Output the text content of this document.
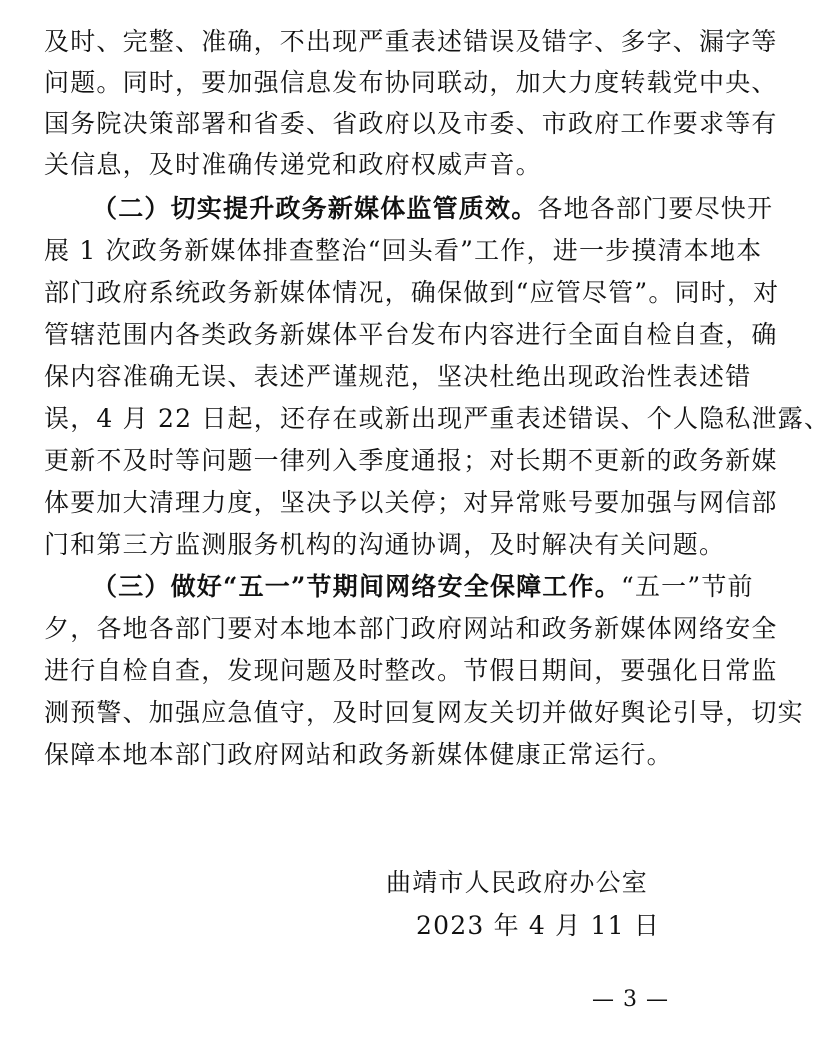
及时、完整、准确，不出现严重表述错误及错字、多字、漏字等
问题。同时，要加强信息发布协同联动，加大力度转载党中央、
国务院决策部署和省委、省政府以及市委、市政府工作要求等有
关信息，及时准确传递党和政府权威声音。
（二）切实提升政务新媒体监管质效。各地各部门要尽快开
展 1 次政务新媒体排查整治“回头看”工作，进一步摸清本地本
部门政府系统政务新媒体情况，确保做到“应管尽管”。同时，对
管辖范围内各类政务新媒体平台发布内容进行全面自检自查，确
保内容准确无误、表述严谨规范，坚决杜绝出现政治性表述错
误，4 月 22 日起，还存在或新出现严重表述错误、个人隐私泄露、
更新不及时等问题一律列入季度通报；对长期不更新的政务新媒
体要加大清理力度，坚决予以关停；对异常账号要加强与网信部
门和第三方监测服务机构的沟通协调，及时解决有关问题。
（三）做好“五一”节期间网络安全保障工作。“五一”节前
夕，各地各部门要对本地本部门政府网站和政务新媒体网络安全
进行自检自查，发现问题及时整改。节假日期间，要强化日常监
测预警、加强应急值守，及时回复网友关切并做好舆论引导，切实
保障本地本部门政府网站和政务新媒体健康正常运行。
曲靖市人民政府办公室
2023 年 4 月 11 日
— 3 —
